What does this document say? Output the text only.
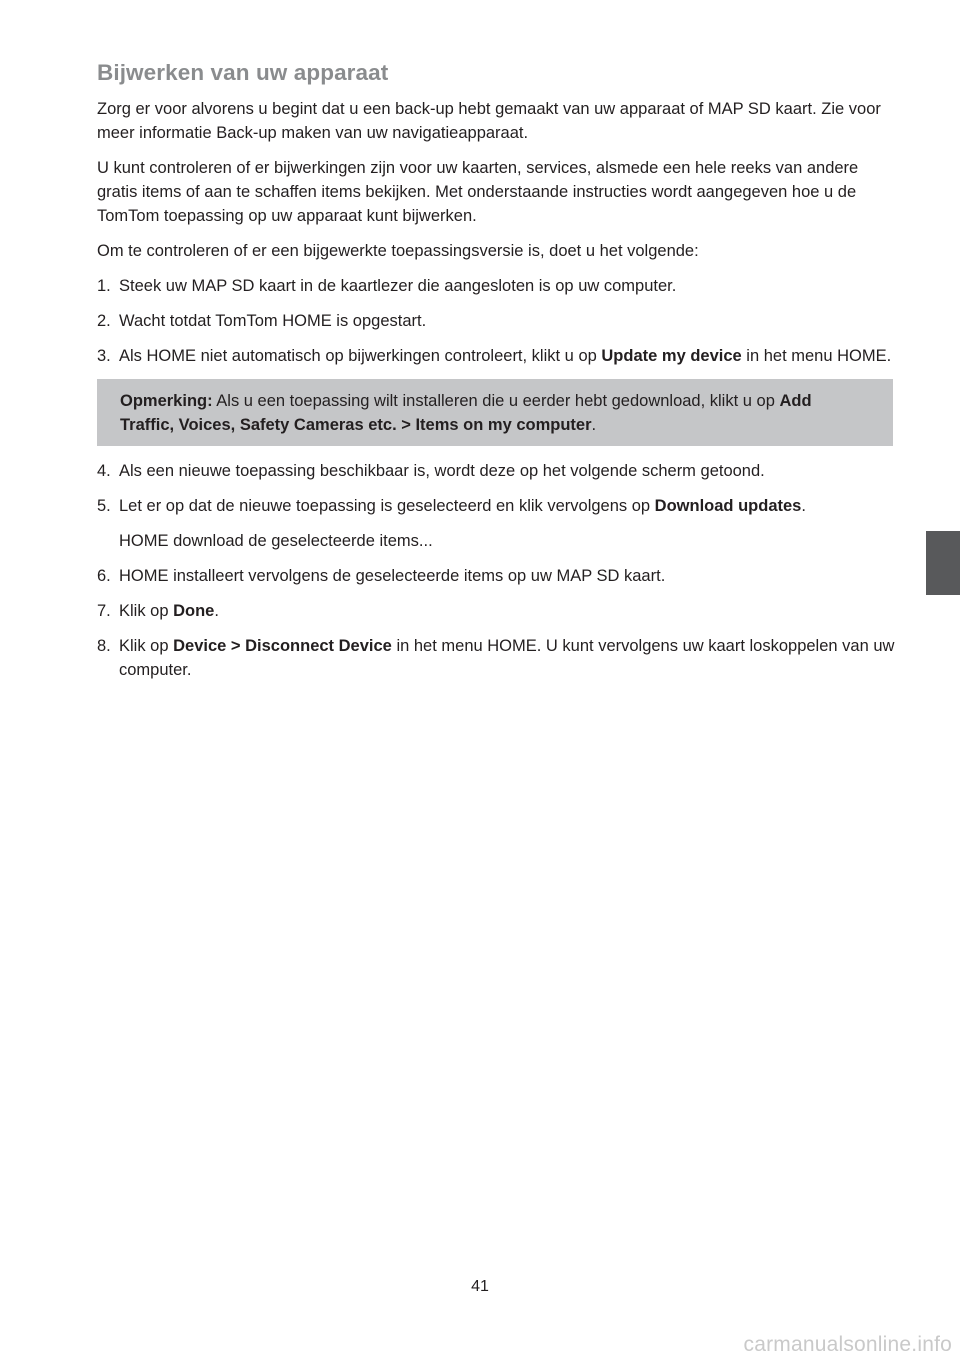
Bijwerken van uw apparaat

Zorg er voor alvorens u begint dat u een back-up hebt gemaakt van uw apparaat of MAP SD kaart. Zie voor meer informatie Back-up maken van uw navigatieapparaat.

U kunt controleren of er bijwerkingen zijn voor uw kaarten, services, alsmede een hele reeks van andere gratis items of aan te schaffen items bekijken. Met onderstaande instructies wordt aangegeven hoe u de TomTom toepassing op uw apparaat kunt bijwerken.

Om te controleren of er een bijgewerkte toepassingsversie is, doet u het volgende:

1. Steek uw MAP SD kaart in de kaartlezer die aangesloten is op uw computer.
2. Wacht totdat TomTom HOME is opgestart.
3. Als HOME niet automatisch op bijwerkingen controleert, klikt u op Update my device in het menu HOME.
Opmerking: Als u een toepassing wilt installeren die u eerder hebt gedownload, klikt u op Add Traffic, Voices, Safety Cameras etc. > Items on my computer.
4. Als een nieuwe toepassing beschikbaar is, wordt deze op het volgende scherm getoond.
5. Let er op dat de nieuwe toepassing is geselecteerd en klik vervolgens op Download updates.

HOME download de geselecteerde items...

6. HOME installeert vervolgens de geselecteerde items op uw MAP SD kaart.
7. Klik op Done.
8. Klik op Device > Disconnect Device in het menu HOME. U kunt vervolgens uw kaart loskoppelen van uw computer.
41
carmanualsonline.info
